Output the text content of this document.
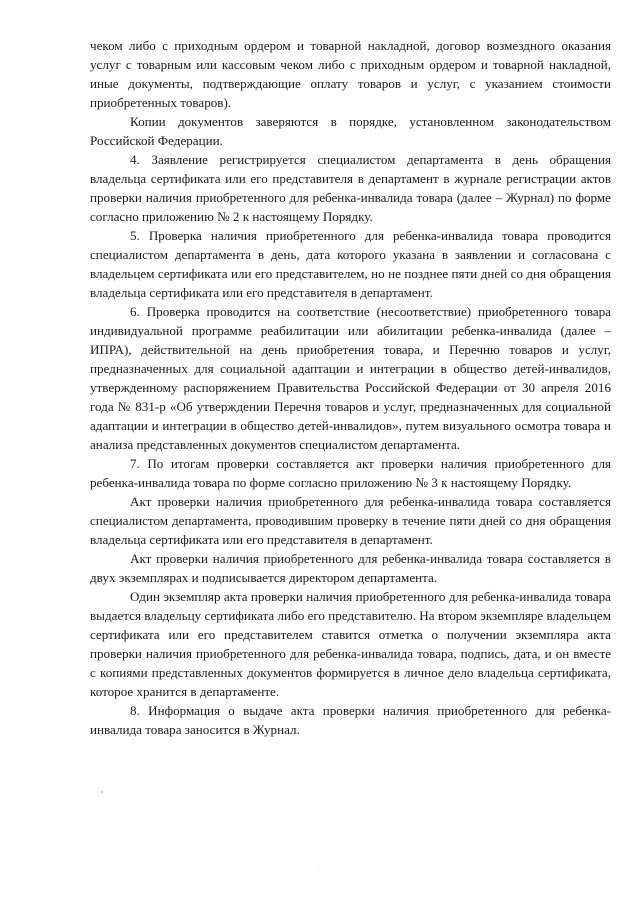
чеком либо с приходным ордером и товарной накладной, договор возмездного оказания услуг с товарным или кассовым чеком либо с приходным ордером и товарной накладной, иные документы, подтверждающие оплату товаров и услуг, с указанием стоимости приобретенных товаров).

Копии документов заверяются в порядке, установленном законодательством Российской Федерации.

4. Заявление регистрируется специалистом департамента в день обращения владельца сертификата или его представителя в департамент в журнале регистрации актов проверки наличия приобретенного для ребенка-инвалида товара (далее – Журнал) по форме согласно приложению № 2 к настоящему Порядку.

5. Проверка наличия приобретенного для ребенка-инвалида товара проводится специалистом департамента в день, дата которого указана в заявлении и согласована с владельцем сертификата или его представителем, но не позднее пяти дней со дня обращения владельца сертификата или его представителя в департамент.

6. Проверка проводится на соответствие (несоответствие) приобретенного товара индивидуальной программе реабилитации или абилитации ребенка-инвалида (далее – ИПРА), действительной на день приобретения товара, и Перечню товаров и услуг, предназначенных для социальной адаптации и интеграции в общество детей-инвалидов, утвержденному распоряжением Правительства Российской Федерации от 30 апреля 2016 года № 831-р «Об утверждении Перечня товаров и услуг, предназначенных для социальной адаптации и интеграции в общество детей-инвалидов», путем визуального осмотра товара и анализа представленных документов специалистом департамента.

7. По итогам проверки составляется акт проверки наличия приобретенного для ребенка-инвалида товара по форме согласно приложению № 3 к настоящему Порядку.

Акт проверки наличия приобретенного для ребенка-инвалида товара составляется специалистом департамента, проводившим проверку в течение пяти дней со дня обращения владельца сертификата или его представителя в департамент.

Акт проверки наличия приобретенного для ребенка-инвалида товара составляется в двух экземплярах и подписывается директором департамента.

Один экземпляр акта проверки наличия приобретенного для ребенка-инвалида товара выдается владельцу сертификата либо его представителю. На втором экземпляре владельцем сертификата или его представителем ставится отметка о получении экземпляра акта проверки наличия приобретенного для ребенка-инвалида товара, подпись, дата, и он вместе с копиями представленных документов формируется в личное дело владельца сертификата, которое хранится в департаменте.

8. Информация о выдаче акта проверки наличия приобретенного для ребенка-инвалида товара заносится в Журнал.
